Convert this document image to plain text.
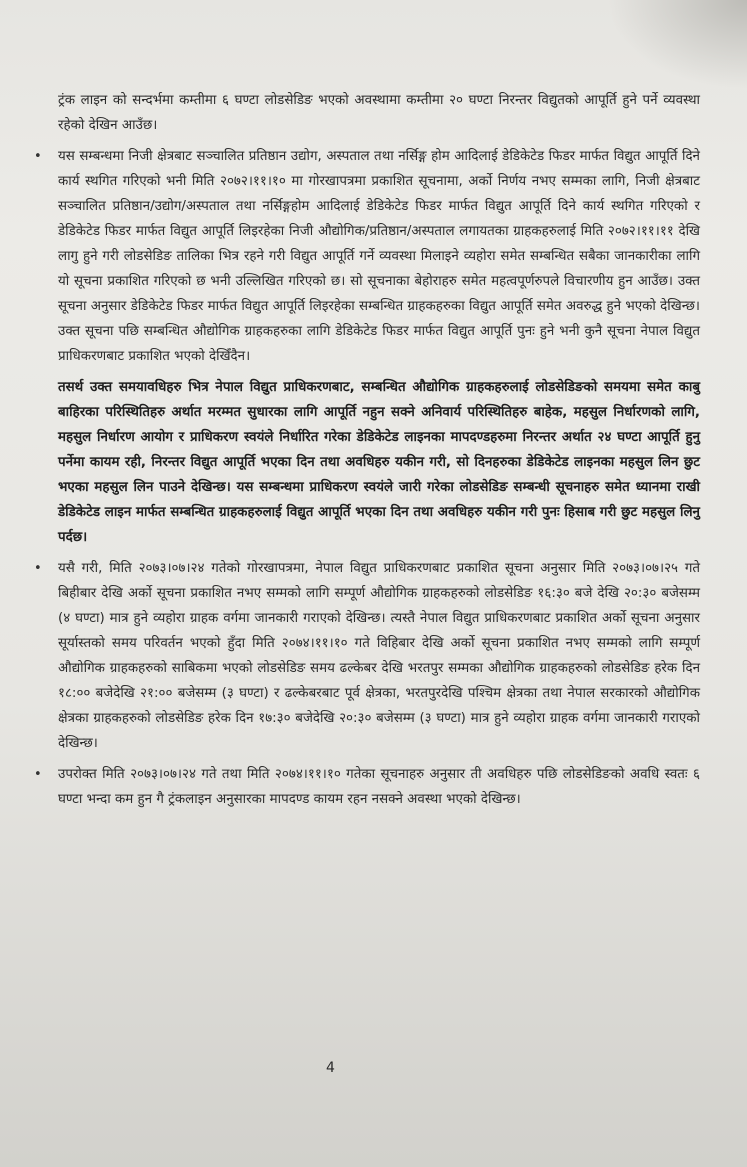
ट्रंक लाइन को सन्दर्भमा कम्तीमा ६ घण्टा लोडसेडिङ भएको अवस्थामा कम्तीमा २० घण्टा निरन्तर विद्युतको आपूर्ति हुने पर्ने व्यवस्था रहेको देखिन आउँछ।

• यस सम्बन्धमा निजी क्षेत्रबाट सञ्चालित प्रतिष्ठान उद्योग, अस्पताल तथा नर्सिङ्ग होम आदिलाई डेडिकेटेड फिडर मार्फत विद्युत आपूर्ति दिने कार्य स्थगित गरिएको भनी मिति २०७२।११।१० मा गोरखापत्रमा प्रकाशित सूचनामा, अर्को निर्णय नभए सम्मका लागि, निजी क्षेत्रबाट सञ्चालित प्रतिष्ठान/उद्योग/अस्पताल तथा नर्सिङ्गहोम आदिलाई डेडिकेटेड फिडर मार्फत विद्युत आपूर्ति दिने कार्य स्थगित गरिएको र डेडिकेटेड फिडर मार्फत विद्युत आपूर्ति लिइरहेका निजी औद्योगिक/प्रतिष्ठान/अस्पताल लगायतका ग्राहकहरुलाई मिति २०७२।११।११ देखि लागु हुने गरी लोडसेडिङ तालिका भित्र रहने गरी विद्युत आपूर्ति गर्ने व्यवस्था मिलाइने व्यहोरा समेत सम्बन्धित सबैका जानकारीका लागि यो सूचना प्रकाशित गरिएको छ भनी उल्लिखित गरिएको छ। सो सूचनाका बेहोराहरु समेत महत्वपूर्णरुपले विचारणीय हुन आउँछ। उक्त सूचना अनुसार डेडिकेटेड फिडर मार्फत विद्युत आपूर्ति लिइरहेका सम्बन्धित ग्राहकहरुका विद्युत आपूर्ति समेत अवरुद्ध हुने भएको देखिन्छ। उक्त सूचना पछि सम्बन्धित औद्योगिक ग्राहकहरुका लागि डेडिकेटेड फिडर मार्फत विद्युत आपूर्ति पुनः हुने भनी कुनै सूचना नेपाल विद्युत प्राधिकरणबाट प्रकाशित भएको देखिँदैन।

तसर्थ उक्त समयावधिहरु भित्र नेपाल विद्युत प्राधिकरणबाट, सम्बन्धित औद्योगिक ग्राहकहरुलाई लोडसेडिङको समयमा समेत काबु बाहिरका परिस्थितिहरु अर्थात मरम्मत सुधारका लागि आपूर्ति नहुन सक्ने अनिवार्य परिस्थितिहरु बाहेक, महसुल निर्धारणको लागि, महसुल निर्धारण आयोग र प्राधिकरण स्वयंले निर्धारित गरेका डेडिकेटेड लाइनका मापदण्डहरुमा निरन्तर अर्थात २४ घण्टा आपूर्ति हुनु पर्नेमा कायम रही, निरन्तर विद्युत आपूर्ति भएका दिन तथा अवधिहरु यकीन गरी, सो दिनहरुका डेडिकेटेड लाइनका महसुल लिन छुट भएका महसुल लिन पाउने देखिन्छ। यस सम्बन्धमा प्राधिकरण स्वयंले जारी गरेका लोडसेडिङ सम्बन्धी सूचनाहरु समेत ध्यानमा राखी डेडिकेटेड लाइन मार्फत सम्बन्धित ग्राहकहरुलाई विद्युत आपूर्ति भएका दिन तथा अवधिहरु यकीन गरी पुनः हिसाब गरी छुट महसुल लिनु पर्दछ।

• यसै गरी, मिति २०७३।०७।२४ गतेको गोरखापत्रमा, नेपाल विद्युत प्राधिकरणबाट प्रकाशित सूचना अनुसार मिति २०७३।०७।२५ गते बिहीबार देखि अर्को सूचना प्रकाशित नभए सम्मको लागि सम्पूर्ण औद्योगिक ग्राहकहरुको लोडसेडिङ १६:३० बजे देखि २०:३० बजेसम्म (४ घण्टा) मात्र हुने व्यहोरा ग्राहक वर्गमा जानकारी गराएको देखिन्छ। त्यस्तै नेपाल विद्युत प्राधिकरणबाट प्रकाशित अर्को सूचना अनुसार सूर्यास्तको समय परिवर्तन भएको हुँदा मिति २०७४।११।१० गते विहिबार देखि अर्को सूचना प्रकाशित नभए सम्मको लागि सम्पूर्ण औद्योगिक ग्राहकहरुको साबिकमा भएको लोडसेडिङ समय ढल्केबर देखि भरतपुर सम्मका औद्योगिक ग्राहकहरुको लोडसेडिङ हरेक दिन १८:०० बजेदेखि २१:०० बजेसम्म (३ घण्टा) र ढल्केबरबाट पूर्व क्षेत्रका, भरतपुरदेखि पश्चिम क्षेत्रका तथा नेपाल सरकारको औद्योगिक क्षेत्रका ग्राहकहरुको लोडसेडिङ हरेक दिन १७:३० बजेदेखि २०:३० बजेसम्म (३ घण्टा) मात्र हुने व्यहोरा ग्राहक वर्गमा जानकारी गराएको देखिन्छ।
• उपरोक्त मिति २०७३।०७।२४ गते तथा मिति २०७४।११।१० गतेका सूचनाहरु अनुसार ती अवधिहरु पछि लोडसेडिङको अवधि स्वतः ६ घण्टा भन्दा कम हुन गै ट्रंकलाइन अनुसारका मापदण्ड कायम रहन नसक्ने अवस्था भएको देखिन्छ।
4
